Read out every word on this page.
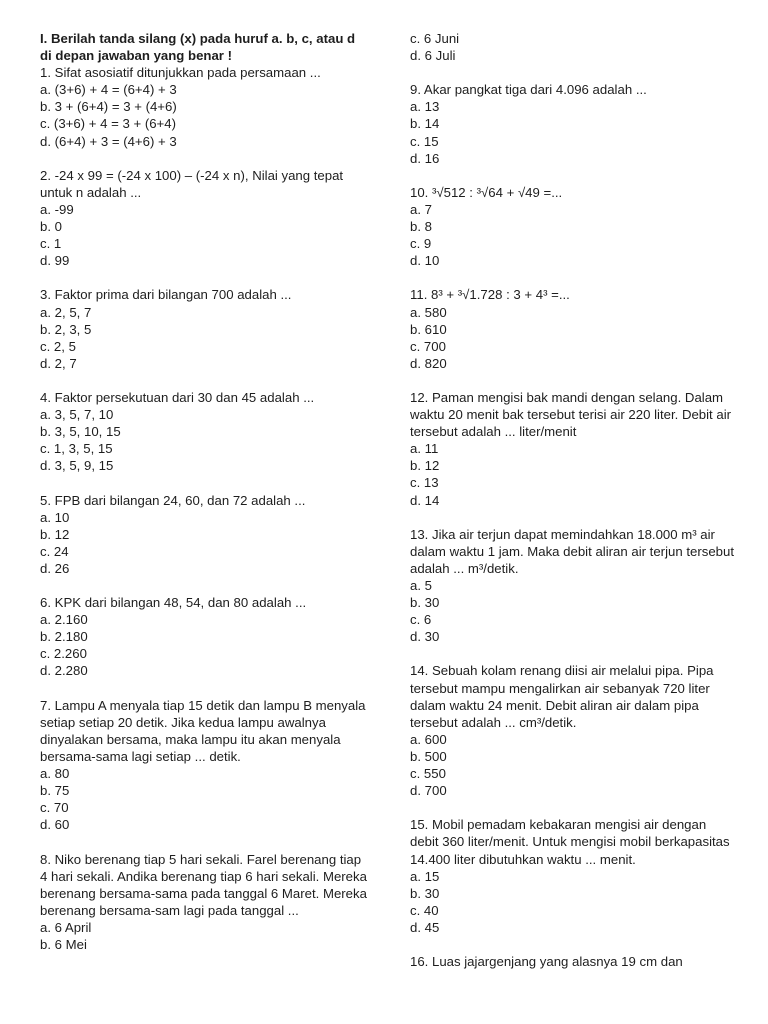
I. Berilah tanda silang (x) pada huruf a. b, c, atau d di depan jawaban yang benar !
1. Sifat asosiatif ditunjukkan pada persamaan ...
a. (3+6) + 4 = (6+4) + 3
b. 3 + (6+4) = 3 + (4+6)
c. (3+6) + 4 = 3 + (6+4)
d. (6+4) + 3 = (4+6) + 3
2. -24 x 99 = (-24 x 100) – (-24 x n), Nilai yang tepat untuk n adalah ...
a. -99
b. 0
c. 1
d. 99
3. Faktor prima dari bilangan 700 adalah ...
a. 2, 5, 7
b. 2, 3, 5
c. 2, 5
d. 2, 7
4. Faktor persekutuan dari 30 dan 45 adalah ...
a. 3, 5, 7, 10
b. 3, 5, 10, 15
c. 1, 3, 5, 15
d. 3, 5, 9, 15
5. FPB dari bilangan 24, 60, dan 72 adalah ...
a. 10
b. 12
c. 24
d. 26
6. KPK dari bilangan 48, 54, dan 80 adalah ...
a. 2.160
b. 2.180
c. 2.260
d. 2.280
7. Lampu A menyala tiap 15 detik dan lampu B menyala setiap setiap 20 detik. Jika kedua lampu awalnya dinyalakan bersama, maka lampu itu akan menyala bersama-sama lagi setiap ... detik.
a. 80
b. 75
c. 70
d. 60
8. Niko berenang tiap 5 hari sekali. Farel berenang tiap 4 hari sekali. Andika berenang tiap 6 hari sekali. Mereka berenang bersama-sama pada tanggal 6 Maret. Mereka berenang bersama-sam lagi pada tanggal ...
a. 6 April
b. 6 Mei
c. 6 Juni
d. 6 Juli
9. Akar pangkat tiga dari 4.096 adalah ...
a. 13
b. 14
c. 15
d. 16
10. ³√512 : ³√64 + √49 =...
a. 7
b. 8
c. 9
d. 10
11. 8³ + ³√1.728 : 3 + 4³ =...
a. 580
b. 610
c. 700
d. 820
12. Paman mengisi bak mandi dengan selang. Dalam waktu 20 menit bak tersebut terisi air 220 liter. Debit air tersebut adalah ... liter/menit
a. 11
b. 12
c. 13
d. 14
13. Jika air terjun dapat memindahkan 18.000 m³ air dalam waktu 1 jam. Maka debit aliran air terjun tersebut adalah ... m³/detik.
a. 5
b. 30
c. 6
d. 30
14. Sebuah kolam renang diisi air melalui pipa. Pipa tersebut mampu mengalirkan air sebanyak 720 liter dalam waktu 24 menit. Debit aliran air dalam pipa tersebut adalah ... cm³/detik.
a. 600
b. 500
c. 550
d. 700
15. Mobil pemadam kebakaran mengisi air dengan debit 360 liter/menit. Untuk mengisi mobil berkapasitas 14.400 liter dibutuhkan waktu ... menit.
a. 15
b. 30
c. 40
d. 45
16. Luas jajargenjang yang alasnya 19 cm dan
